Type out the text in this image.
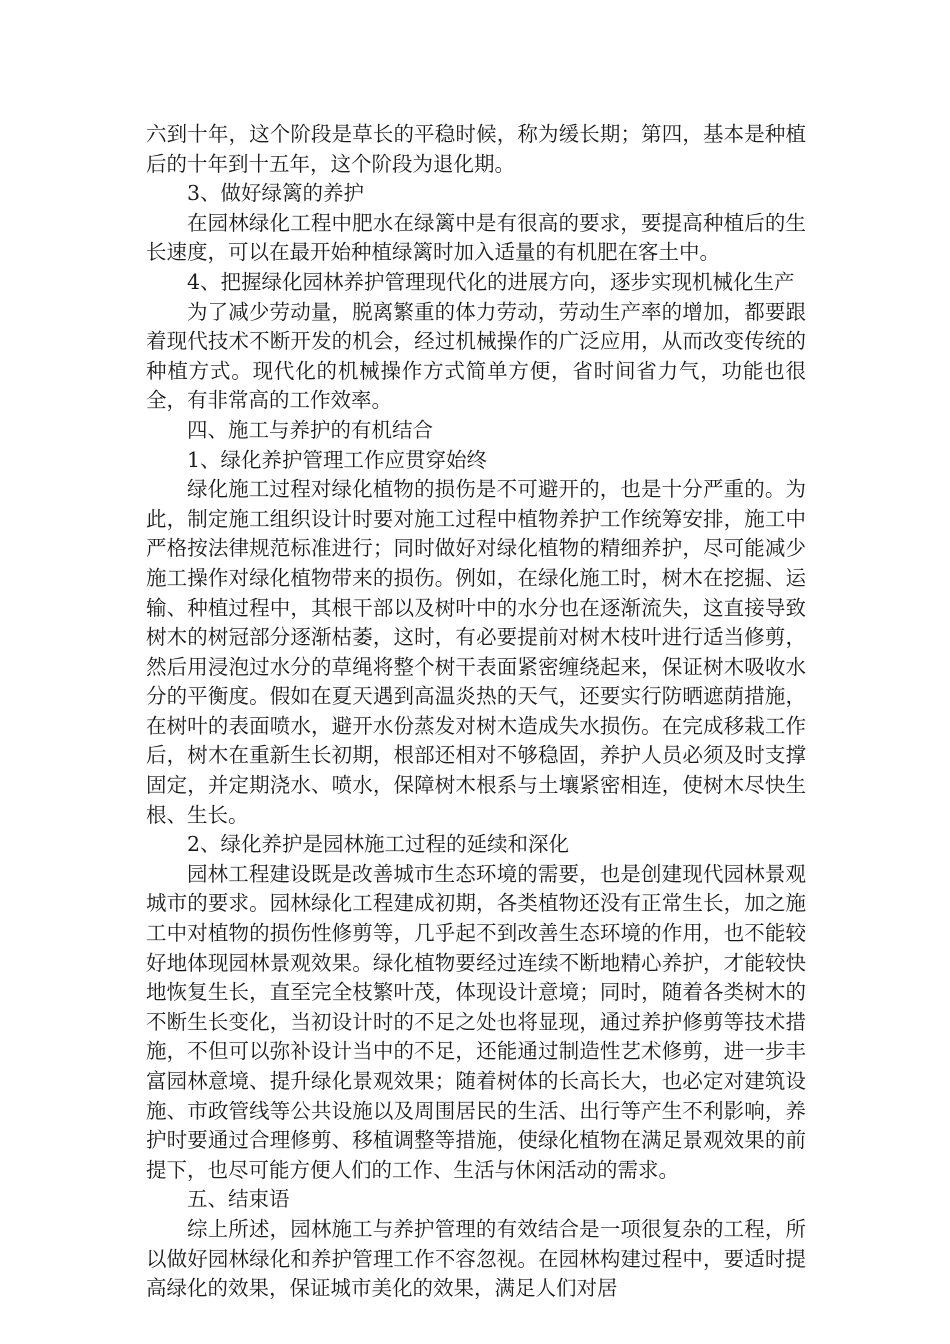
六到十年，这个阶段是草长的平稳时候，称为缓长期；第四，基本是种植后的十年到十五年，这个阶段为退化期。

3、做好绿篱的养护

在园林绿化工程中肥水在绿篱中是有很高的要求，要提高种植后的生长速度，可以在最开始种植绿篱时加入适量的有机肥在客土中。

4、把握绿化园林养护管理现代化的进展方向，逐步实现机械化生产

为了减少劳动量，脱离繁重的体力劳动，劳动生产率的增加，都要跟着现代技术不断开发的机会，经过机械操作的广泛应用，从而改变传统的种植方式。现代化的机械操作方式简单方便，省时间省力气，功能也很全，有非常高的工作效率。

四、施工与养护的有机结合

1、绿化养护管理工作应贯穿始终

绿化施工过程对绿化植物的损伤是不可避开的，也是十分严重的。为此，制定施工组织设计时要对施工过程中植物养护工作统筹安排，施工中严格按法律规范标准进行；同时做好对绿化植物的精细养护，尽可能减少施工操作对绿化植物带来的损伤。例如，在绿化施工时，树木在挖掘、运输、种植过程中，其根干部以及树叶中的水分也在逐渐流失，这直接导致树木的树冠部分逐渐枯萎，这时，有必要提前对树木枝叶进行适当修剪，然后用浸泡过水分的草绳将整个树干表面紧密缠绕起来，保证树木吸收水分的平衡度。假如在夏天遇到高温炎热的天气，还要实行防晒遮荫措施，在树叶的表面喷水，避开水份蒸发对树木造成失水损伤。在完成移栽工作后，树木在重新生长初期，根部还相对不够稳固，养护人员必须及时支撑固定，并定期浇水、喷水，保障树木根系与土壤紧密相连，使树木尽快生根、生长。

2、绿化养护是园林施工过程的延续和深化

园林工程建设既是改善城市生态环境的需要，也是创建现代园林景观城市的要求。园林绿化工程建成初期，各类植物还没有正常生长，加之施工中对植物的损伤性修剪等，几乎起不到改善生态环境的作用，也不能较好地体现园林景观效果。绿化植物要经过连续不断地精心养护，才能较快地恢复生长，直至完全枝繁叶茂，体现设计意境；同时，随着各类树木的不断生长变化，当初设计时的不足之处也将显现，通过养护修剪等技术措施，不但可以弥补设计当中的不足，还能通过制造性艺术修剪，进一步丰富园林意境、提升绿化景观效果；随着树体的长高长大，也必定对建筑设施、市政管线等公共设施以及周围居民的生活、出行等产生不利影响，养护时要通过合理修剪、移植调整等措施，使绿化植物在满足景观效果的前提下，也尽可能方便人们的工作、生活与休闲活动的需求。

五、结束语

综上所述，园林施工与养护管理的有效结合是一项很复杂的工程，所以做好园林绿化和养护管理工作不容忽视。在园林构建过程中，要适时提高绿化的效果，保证城市美化的效果，满足人们对居
